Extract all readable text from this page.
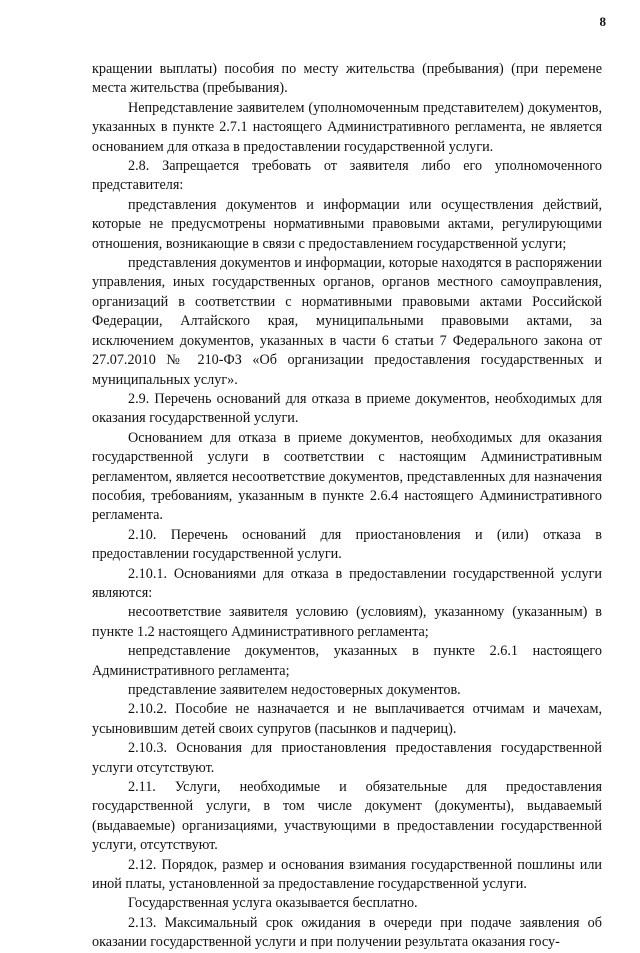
8

кращении выплаты) пособия по месту жительства (пребывания) (при перемене места жительства (пребывания).

Непредставление заявителем (уполномоченным представителем) документов, указанных в пункте 2.7.1 настоящего Административного регламента, не является основанием для отказа в предоставлении государственной услуги.

2.8. Запрещается требовать от заявителя либо его уполномоченного представителя:

представления документов и информации или осуществления действий, которые не предусмотрены нормативными правовыми актами, регулирующими отношения, возникающие в связи с предоставлением государственной услуги;

представления документов и информации, которые находятся в распоряжении управления, иных государственных органов, органов местного самоуправления, организаций в соответствии с нормативными правовыми актами Российской Федерации, Алтайского края, муниципальными правовыми актами, за исключением документов, указанных в части 6 статьи 7 Федерального закона от 27.07.2010 № 210-ФЗ «Об организации предоставления государственных и муниципальных услуг».

2.9. Перечень оснований для отказа в приеме документов, необходимых для оказания государственной услуги.

Основанием для отказа в приеме документов, необходимых для оказания государственной услуги в соответствии с настоящим Административным регламентом, является несоответствие документов, представленных для назначения пособия, требованиям, указанным в пункте 2.6.4 настоящего Административного регламента.

2.10. Перечень оснований для приостановления и (или) отказа в предоставлении государственной услуги.

2.10.1. Основаниями для отказа в предоставлении государственной услуги являются:

несоответствие заявителя условию (условиям), указанному (указанным) в пункте 1.2 настоящего Административного регламента;

непредставление документов, указанных в пункте 2.6.1 настоящего Административного регламента;

представление заявителем недостоверных документов.

2.10.2. Пособие не назначается и не выплачивается отчимам и мачехам, усыновившим детей своих супругов (пасынков и падчериц).

2.10.3. Основания для приостановления предоставления государственной услуги отсутствуют.

2.11. Услуги, необходимые и обязательные для предоставления государственной услуги, в том числе документ (документы), выдаваемый (выдаваемые) организациями, участвующими в предоставлении государственной услуги, отсутствуют.

2.12. Порядок, размер и основания взимания государственной пошлины или иной платы, установленной за предоставление государственной услуги.

Государственная услуга оказывается бесплатно.

2.13. Максимальный срок ожидания в очереди при подаче заявления об оказании государственной услуги и при получении результата оказания госу-
